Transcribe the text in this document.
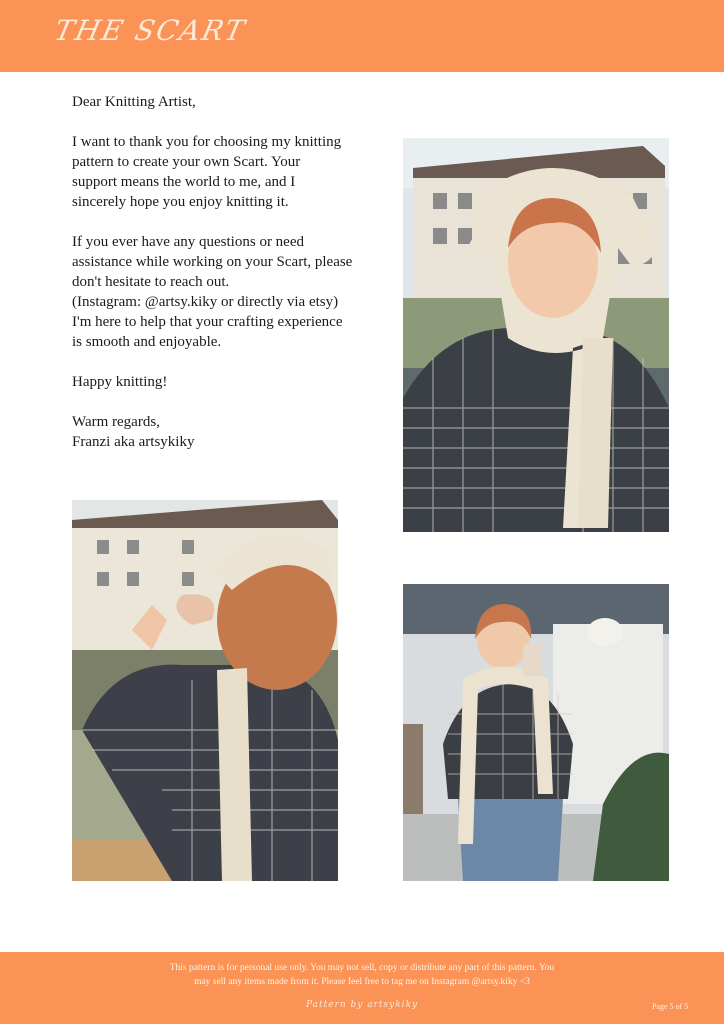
THE SCART

Dear Knitting Artist,

I want to thank you for choosing my knitting
pattern to create your own Scart. Your
support means the world to me, and I
sincerely hope you enjoy knitting it.

If you ever have any questions or need
assistance while working on your Scart, please
don't hesitate to reach out.
(Instagram: @artsy.kiky or directly via etsy)
I'm here to help that your crafting experience
is smooth and enjoyable.

Happy knitting!

Warm regards,

Franzi aka artsykiky

This pattern is for personal use only. You may not sell, copy or distribute any part of this pattern. You
may sell any items made from it. Please feel free to tag me on Instagram @artsy.kiky <3
Pattern by artsykiky	Page 5 of 5
